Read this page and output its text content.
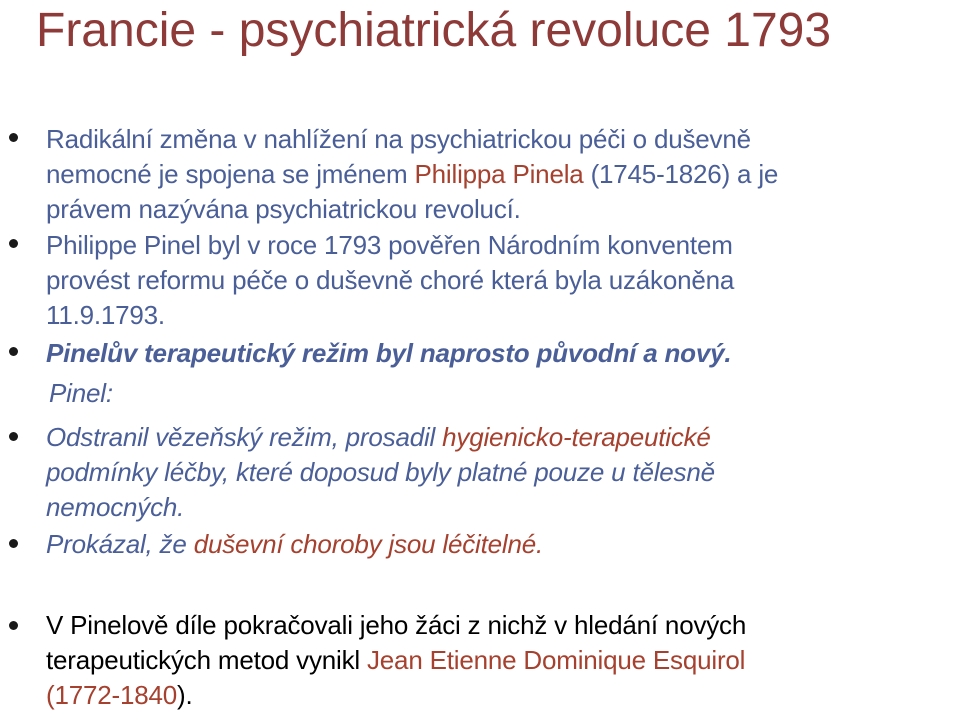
Francie - psychiatrická revoluce 1793
Radikální změna v nahlížení na psychiatrickou péči o duševně
nemocné je spojena se jménem Philippa Pinela (1745-1826) a je
právem nazývána psychiatrickou revolucí.
Philippe Pinel byl v roce 1793 pověřen Národním konventem
provést reformu péče o duševně choré která byla uzákoněna
11.9.1793.
Pinelův terapeutický režim byl naprosto původní a nový.
Pinel:
Odstranil vězeňský režim, prosadil hygienicko-terapeutické
podmínky léčby, které doposud byly platné pouze u tělesně
nemocných.
Prokázal, že duševní choroby jsou léčitelné.
V Pinelově díle pokračovali jeho žáci z nichž v hledání nových
terapeutických metod vynikl Jean Etienne Dominique Esquirol
(1772-1840).
